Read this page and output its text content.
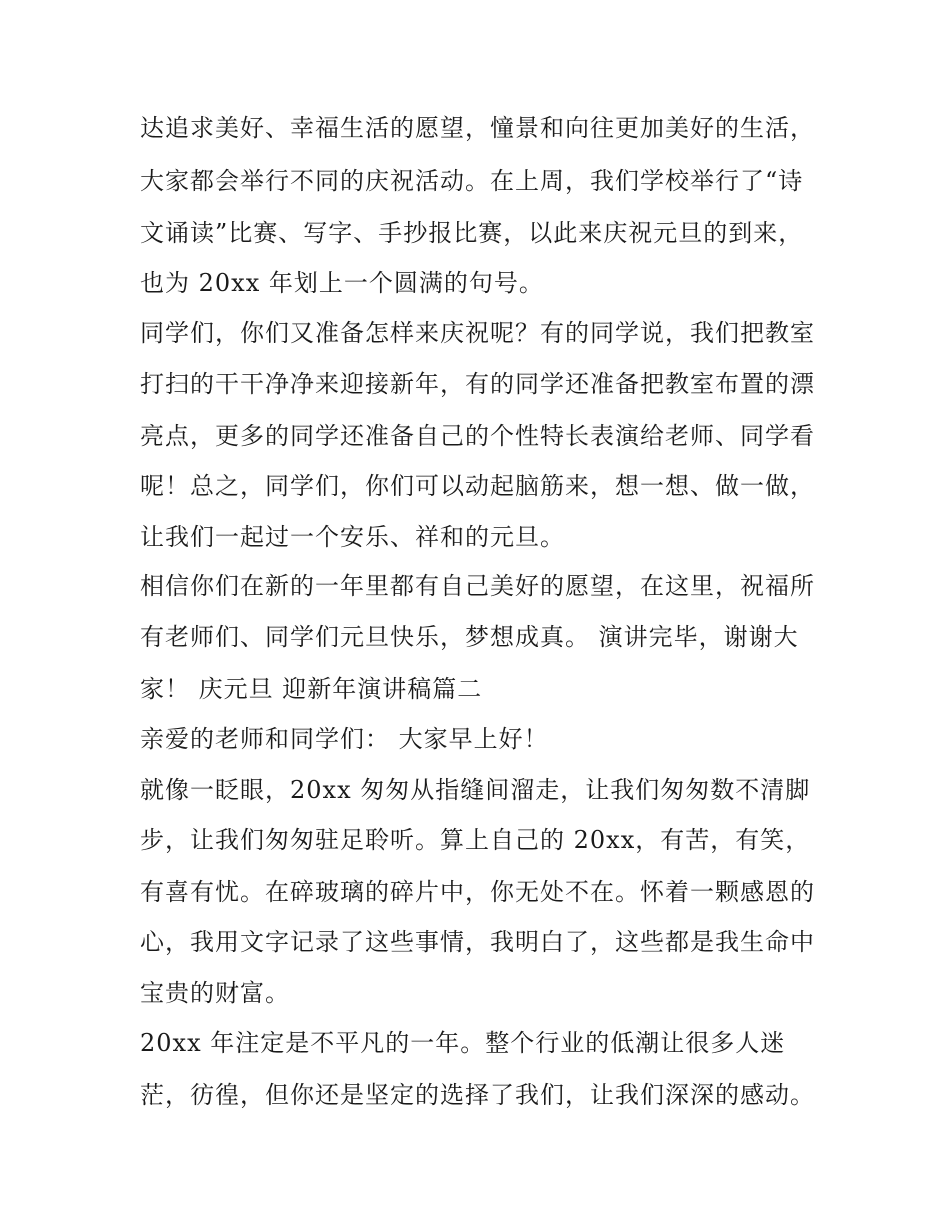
达追求美好、幸福生活的愿望，憧景和向往更加美好的生活，
大家都会举行不同的庆祝活动。在上周，我们学校举行了“诗
文诵读”比赛、写字、手抄报比赛，以此来庆祝元旦的到来，
也为 20xx 年划上一个圆满的句号。
同学们，你们又准备怎样来庆祝呢？有的同学说，我们把教室
打扫的干干净净来迎接新年，有的同学还准备把教室布置的漂
亮点，更多的同学还准备自己的个性特长表演给老师、同学看
呢！总之，同学们，你们可以动起脑筋来，想一想、做一做，
让我们一起过一个安乐、祥和的元旦。
相信你们在新的一年里都有自己美好的愿望，在这里，祝福所
有老师们、同学们元旦快乐，梦想成真。 演讲完毕，谢谢大
家！ 庆元旦 迎新年演讲稿篇二
亲爱的老师和同学们： 大家早上好！
就像一眨眼，20xx 匆匆从指缝间溜走，让我们匆匆数不清脚
步，让我们匆匆驻足聆听。算上自己的 20xx，有苦，有笑，
有喜有忧。在碎玻璃的碎片中，你无处不在。怀着一颗感恩的
心，我用文字记录了这些事情，我明白了，这些都是我生命中
宝贵的财富。
20xx 年注定是不平凡的一年。整个行业的低潮让很多人迷
茫，彷徨，但你还是坚定的选择了我们，让我们深深的感动。
